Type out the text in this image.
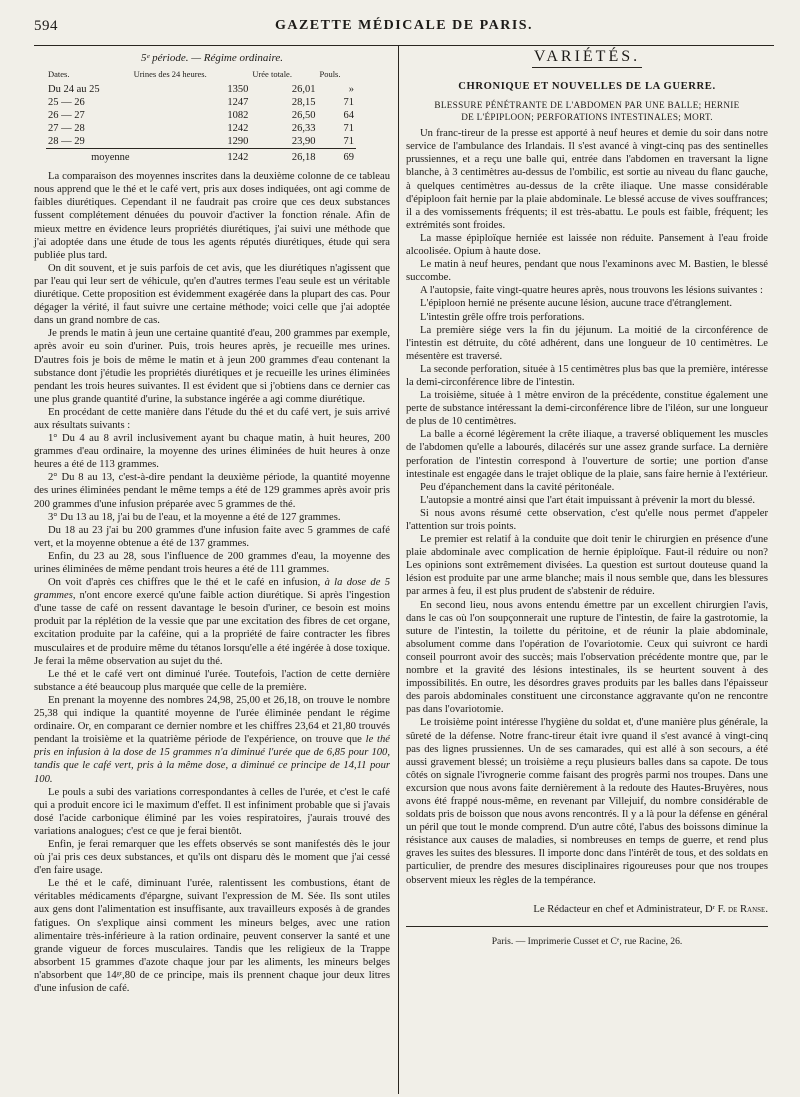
594	GAZETTE MÉDICALE DE PARIS.
5ᵉ période. — Régime ordinaire.
Dates.	Urines des 24 heures.	Urée totale.	Pouls.
Du 24 au 25	1350	26,01	»
25 — 26	1247	28,15	71
26 — 27	1082	26,50	64
27 — 28	1242	26,33	71
28 — 29	1290	23,90	71

moyenne	1242	26,18	69

La comparaison des moyennes inscrites dans la deuxième colonne de ce tableau nous apprend que le thé et le café vert, pris aux doses indiquées, ont agi comme de faibles diurétiques. Cependant il ne faudrait pas croire que ces deux substances fussent complétement dénuées du pouvoir d'activer la fonction rénale. Afin de mieux mettre en évidence leurs propriétés diurétiques, j'ai suivi une méthode que j'ai adoptée dans une étude de tous les agents réputés diurétiques, étude qui sera publiée plus tard.

On dit souvent, et je suis parfois de cet avis, que les diurétiques n'agissent que par l'eau qui leur sert de véhicule, qu'en d'autres termes l'eau seule est un véritable diurétique. Cette proposition est évidemment exagérée dans la plupart des cas. Pour dégager la vérité, il faut suivre une certaine méthode; voici celle que j'ai adoptée dans un grand nombre de cas.

Je prends le matin à jeun une certaine quantité d'eau, 200 grammes par exemple, après avoir eu soin d'uriner. Puis, trois heures après, je recueille mes urines. D'autres fois je bois de même le matin et à jeun 200 grammes d'eau contenant la substance dont j'étudie les propriétés diurétiques et je recueille les urines éliminées pendant les trois heures suivantes. Il est évident que si j'obtiens dans ce dernier cas une plus grande quantité d'urine, la substance ingérée a agi comme diurétique.

En procédant de cette manière dans l'étude du thé et du café vert, je suis arrivé aux résultats suivants :

1° Du 4 au 8 avril inclusivement ayant bu chaque matin, à huit heures, 200 grammes d'eau ordinaire, la moyenne des urines éliminées de huit heures à onze heures a été de 113 grammes.

2° Du 8 au 13, c'est-à-dire pendant la deuxième période, la quantité moyenne des urines éliminées pendant le même temps a été de 129 grammes après avoir pris 200 grammes d'une infusion préparée avec 5 grammes de thé.

3° Du 13 au 18, j'ai bu de l'eau, et la moyenne a été de 127 grammes.

Du 18 au 23 j'ai bu 200 grammes d'une infusion faite avec 5 grammes de café vert, et la moyenne obtenue a été de 137 grammes.

Enfin, du 23 au 28, sous l'influence de 200 grammes d'eau, la moyenne des urines éliminées de même pendant trois heures a été de 111 grammes.

On voit d'après ces chiffres que le thé et le café en infusion, à la dose de 5 grammes, n'ont encore exercé qu'une faible action diurétique. Si après l'ingestion d'une tasse de café on ressent davantage le besoin d'uriner, ce besoin est moins produit par la réplétion de la vessie que par une excitation des fibres de cet organe, excitation produite par la caféine, qui a la propriété de faire contracter les fibres musculaires et de produire même du tétanos lorsqu'elle a été ingérée à dose toxique. Je ferai la même observation au sujet du thé.

Le thé et le café vert ont diminué l'urée. Toutefois, l'action de cette dernière substance a été beaucoup plus marquée que celle de la première.

En prenant la moyenne des nombres 24,98, 25,00 et 26,18, on trouve le nombre 25,38 qui indique la quantité moyenne de l'urée éliminée pendant le régime ordinaire. Or, en comparant ce dernier nombre et les chiffres 23,64 et 21,80 trouvés pendant la troisième et la quatrième période de l'expérience, on trouve que le thé pris en infusion à la dose de 15 grammes n'a diminué l'urée que de 6,85 pour 100, tandis que le café vert, pris à la même dose, a diminué ce principe de 14,11 pour 100.

Le pouls a subi des variations correspondantes à celles de l'urée, et c'est le café qui a produit encore ici le maximum d'effet. Il est infiniment probable que si j'avais dosé l'acide carbonique éliminé par les voies respiratoires, j'aurais trouvé des variations analogues; c'est ce que je ferai bientôt.

Enfin, je ferai remarquer que les effets observés se sont manifestés dès le jour où j'ai pris ces deux substances, et qu'ils ont disparu dès le moment que j'ai cessé d'en faire usage.

Le thé et le café, diminuant l'urée, ralentissent les combustions, étant de véritables médicaments d'épargne, suivant l'expression de M. Sée. Ils sont utiles aux gens dont l'alimentation est insuffisante, aux travailleurs exposés à de grandes fatigues. On s'explique ainsi comment les mineurs belges, avec une ration alimentaire très-inférieure à la ration ordinaire, peuvent conserver la santé et une grande vigueur de forces musculaires. Tandis que les religieux de la Trappe absorbent 15 grammes d'azote chaque jour par les aliments, les mineurs belges n'absorbent que 14ᵍʳ,80 de ce principe, mais ils prennent chaque jour deux litres d'une infusion de café.

VARIÉTÉS.
CHRONIQUE ET NOUVELLES DE LA GUERRE.
BLESSURE PÉNÉTRANTE DE L'ABDOMEN PAR UNE BALLE; HERNIE
DE L'ÉPIPLOON; PERFORATIONS INTESTINALES; MORT.

Un franc-tireur de la presse est apporté à neuf heures et demie du soir dans notre service de l'ambulance des Irlandais. Il s'est avancé à vingt-cinq pas des sentinelles prussiennes, et a reçu une balle qui, entrée dans l'abdomen en traversant la ligne blanche, à 3 centimètres au-dessus de l'ombilic, est sortie au niveau du flanc gauche, à quelques centimètres au-dessus de la crête iliaque. Une masse considérable d'épiploon fait hernie par la plaie abdominale. Le blessé accuse de vives souffrances; il a des vomissements fréquents; il est très-abattu. Le pouls est faible, fréquent; les extrémités sont froides.

La masse épiploïque herniée est laissée non réduite. Pansement à l'eau froide alcoolisée. Opium à haute dose.

Le matin à neuf heures, pendant que nous l'examinons avec M. Bastien, le blessé succombe.

A l'autopsie, faite vingt-quatre heures après, nous trouvons les lésions suivantes :

L'épiploon hernié ne présente aucune lésion, aucune trace d'étranglement.

L'intestin grêle offre trois perforations.

La première siége vers la fin du jéjunum. La moitié de la circonférence de l'intestin est détruite, du côté adhérent, dans une longueur de 10 centimètres. Le mésentère est traversé.

La seconde perforation, située à 15 centimètres plus bas que la première, intéresse la demi-circonférence libre de l'intestin.

La troisième, située à 1 mètre environ de la précédente, constitue également une perte de substance intéressant la demi-circonférence libre de l'iléon, sur une longueur de plus de 10 centimètres.

La balle a écorné légèrement la crête iliaque, a traversé obliquement les muscles de l'abdomen qu'elle a labourés, dilacérés sur une assez grande surface. La dernière perforation de l'intestin correspond à l'ouverture de sortie; une portion d'anse intestinale est engagée dans le trajet oblique de la plaie, sans faire hernie à l'extérieur.

Peu d'épanchement dans la cavité péritonéale.

L'autopsie a montré ainsi que l'art était impuissant à prévenir la mort du blessé.

Si nous avons résumé cette observation, c'est qu'elle nous permet d'appeler l'attention sur trois points.

Le premier est relatif à la conduite que doit tenir le chirurgien en présence d'une plaie abdominale avec complication de hernie épiploïque. Faut-il réduire ou non? Les opinions sont extrêmement divisées. La question est surtout douteuse quand la lésion est produite par une arme blanche; mais il nous semble que, dans les blessures par armes à feu, il est plus prudent de s'abstenir de réduire.

En second lieu, nous avons entendu émettre par un excellent chirurgien l'avis, dans le cas où l'on soupçonnerait une rupture de l'intestin, de faire la gastrotomie, la suture de l'intestin, la toilette du péritoine, et de réunir la plaie abdominale, absolument comme dans l'opération de l'ovariotomie. Ceux qui suivront ce hardi conseil pourront avoir des succès; mais l'observation précédente montre que, par le nombre et la gravité des lésions intestinales, ils se heurtent souvent à des impossibilités. En outre, les désordres graves produits par les balles dans l'épaisseur des parois abdominales constituent une circonstance aggravante qu'on ne rencontre pas dans l'ovariotomie.

Le troisième point intéresse l'hygiène du soldat et, d'une manière plus générale, la sûreté de la défense. Notre franc-tireur était ivre quand il s'est avancé à vingt-cinq pas des lignes prussiennes. Un de ses camarades, qui est allé à son secours, a été aussi gravement blessé; un troisième a reçu plusieurs balles dans sa capote. De tous côtés on signale l'ivrognerie comme faisant des progrès parmi nos troupes. Dans une excursion que nous avons faite dernièrement à la redoute des Hautes-Bruyères, nous avons été frappé nous-même, en revenant par Villejuif, du nombre considérable de soldats pris de boisson que nous avons rencontrés. Il y a là pour la défense en général un péril que tout le monde comprend. D'un autre côté, l'abus des boissons diminue la résistance aux causes de maladies, si nombreuses en temps de guerre, et rend plus graves les suites des blessures. Il importe donc dans l'intérêt de tous, et des soldats en particulier, de prendre des mesures disciplinaires rigoureuses pour que nos troupes observent mieux les règles de la tempérance.

Le Rédacteur en chef et Administrateur, Dʳ F. de Ranse.
Paris. — Imprimerie Cusset et Cᵉ, rue Racine, 26.
